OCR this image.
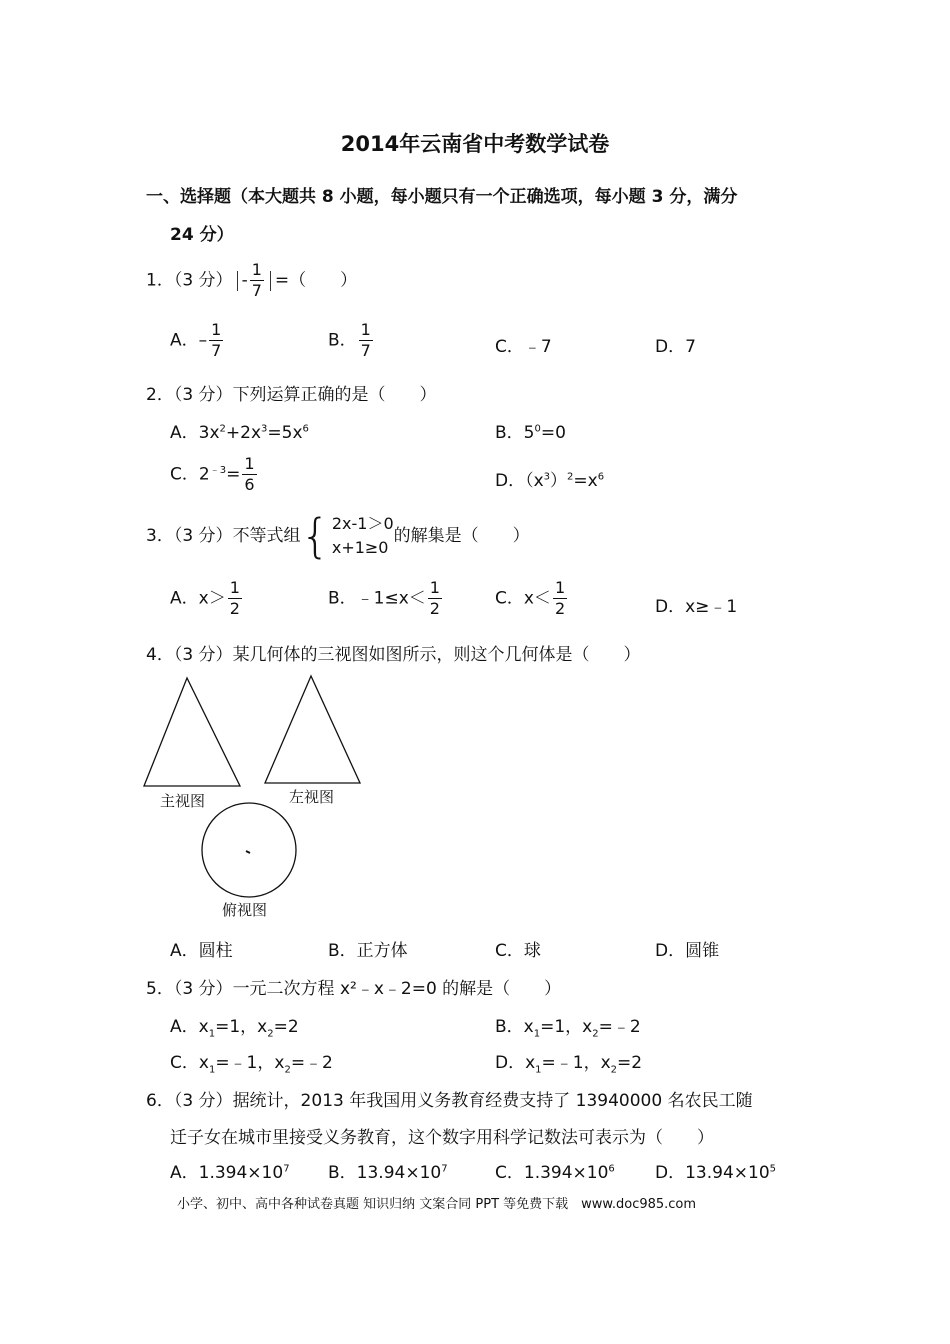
2014年云南省中考数学试卷
一、选择题（本大题共 8 小题，每小题只有一个正确选项，每小题 3 分，满分
24 分）
1．（3 分） - $\frac{1}{7}$ =（　　）
A．– $\frac{1}{7}$	B． $\frac{1}{7}$	C．﹣7	D．7
2．（3 分）下列运算正确的是（　　）
A．$3x^2+2x^3=5x^6$	B．$5^0=0$
C．$2^{﹣3}= \frac{1}{6}$	D．$(x^3)^2=x^6$
3．（3 分）不等式组{ 2x-1＞0
x+1≥0
的解集是（　　）
A．$x> \frac{1}{2}$	B．﹣1≤x＜ $\frac{1}{2}$	C．$x< \frac{1}{2}$	D．x≥﹣1
4．（3 分）某几何体的三视图如图所示，则这个几何体是（　　）
主视图	左视图
俯视图
A．圆柱	B．正方体	C．球	D．圆锥
5．（3 分）一元二次方程 x²﹣x﹣2=0 的解是（　　）
A．$x_1=1$，$x_2=2$	B．$x_1=1$，$x_2=﹣2$
C．$x_1=﹣1$，$x_2=﹣2$	D．$x_1=﹣1$，$x_2=2$
6．（3 分）据统计，2013 年我国用义务教育经费支持了 13940000 名农民工随
迁子女在城市里接受义务教育，这个数字用科学记数法可表示为（　　）
A．$1.394\times 10^7$ B．$13.94\times 10^7$	C．$1.394\times 10^6$ D．$13.94\times 10^5$
小学、初中、高中各种试卷真题 知识归纳 文案合同 PPT 等免费下载　www.doc985.com
